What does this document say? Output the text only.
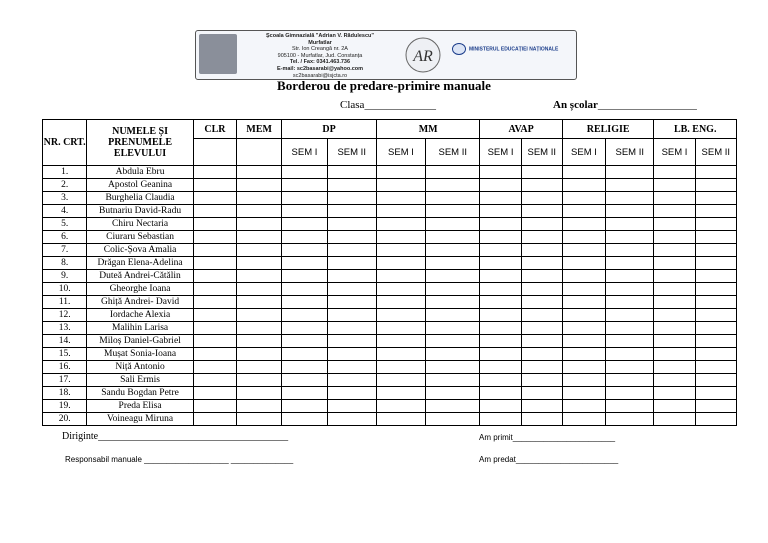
Școala Gimnazială "Adrian V. Rădulescu"
Murfatlar
Str. Ion Creangă nr. 2A
905100 - Murfatlar, Jud. Constanța
Tel. / Fax: 0341.463.736
E-mail: sc2basarabi@yahoo.com
sc2basarabi@isjcta.ro
AR	MINISTERUL EDUCAȚIEI NAȚIONALE
Borderou de predare-primire manuale
Clasa_____________	An școlar__________________
NR. CRT.	NUMELE ȘI PRENUMELE ELEVULUI	CLR	MEM	DP		MM		AVAP		RELIGIE		LB. ENG.	
				SEM I	SEM II	SEM I	SEM II	SEM I	SEM II	SEM I	SEM II	SEM I	SEM II
1.	Abdula Ebru												
2.	Apostol Geanina												
3.	Burghelia Claudia												
4.	Butnariu David-Radu												
5.	Chiru Nectaria												
6.	Ciuraru Sebastian												
7.	Colic-Șova Amalia												
8.	Drăgan Elena-Adelina												
9.	Duteă Andrei-Cătălin												
10.	Gheorghe Ioana												
11.	Ghiță Andrei- David												
12.	Iordache Alexia												
13.	Malihin Larisa												
14.	Miloș Daniel-Gabriel												
15.	Mușat Sonia-Ioana												
16.	Niță Antonio												
17.	Sali Ermis												
18.	Sandu Bogdan Petre												
19.	Preda Elisa												
20.	Voineagu Miruna												
Diriginte______________________________________
Responsabil manuale ___________________ ______________
Am primit_______________________
Am predat_______________________
